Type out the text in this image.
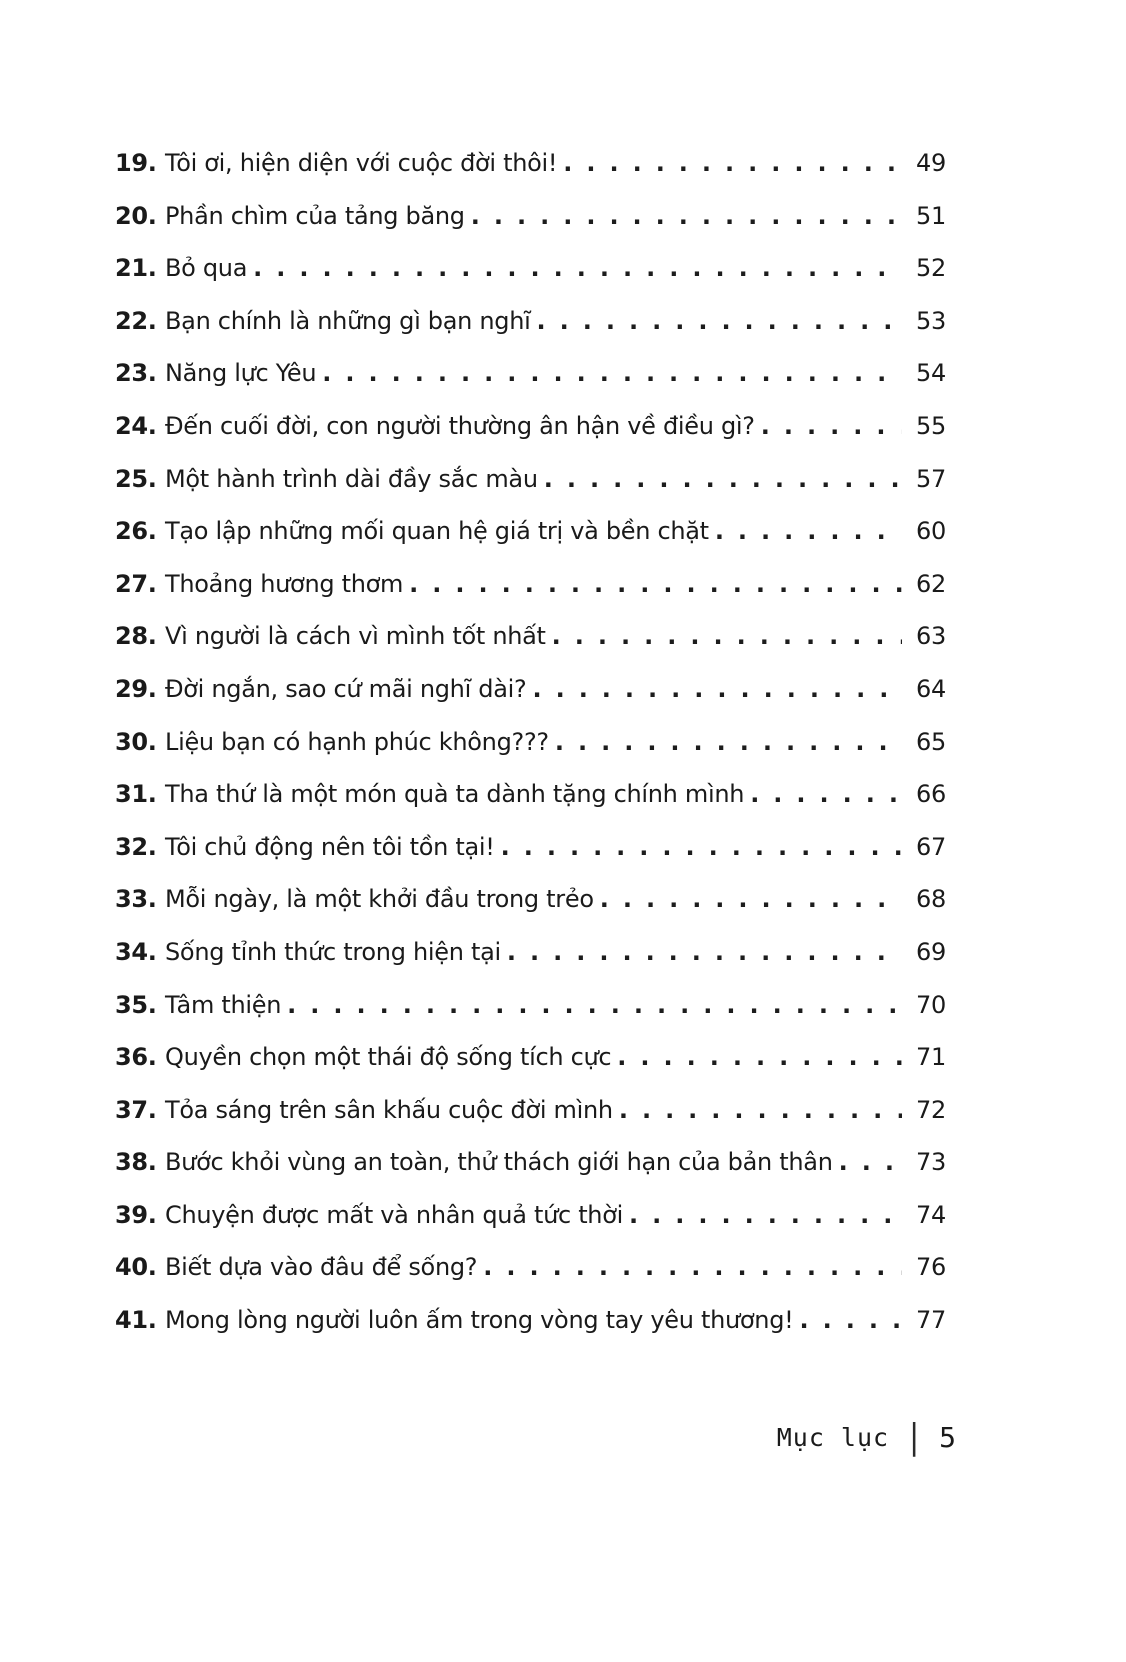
19. Tôi ơi, hiện diện với cuộc đời thôi! .....	49
20. Phần chìm của tảng băng .....	51
21. Bỏ qua .....	52
22. Bạn chính là những gì bạn nghĩ .....	53
23. Năng lực Yêu .....	54
24. Đến cuối đời, con người thường ân hận về điều gì? .....	55
25. Một hành trình dài đầy sắc màu .....	57
26. Tạo lập những mối quan hệ giá trị và bền chặt .....	60
27. Thoảng hương thơm .....	62
28. Vì người là cách vì mình tốt nhất .....	63
29. Đời ngắn, sao cứ mãi nghĩ dài? .....	64
30. Liệu bạn có hạnh phúc không??? .....	65
31. Tha thứ là một món quà ta dành tặng chính mình .....	66
32. Tôi chủ động nên tôi tồn tại! .....	67
33. Mỗi ngày, là một khởi đầu trong trẻo .....	68
34. Sống tỉnh thức trong hiện tại .....	69
35. Tâm thiện .....	70
36. Quyền chọn một thái độ sống tích cực .....	71
37. Tỏa sáng trên sân khấu cuộc đời mình .....	72
38. Bước khỏi vùng an toàn, thử thách giới hạn của bản thân .....	73
39. Chuyện được mất và nhân quả tức thời .....	74
40. Biết dựa vào đâu để sống? .....	76
41. Mong lòng người luôn ấm trong vòng tay yêu thương! .....	77
Mục lục | 5
